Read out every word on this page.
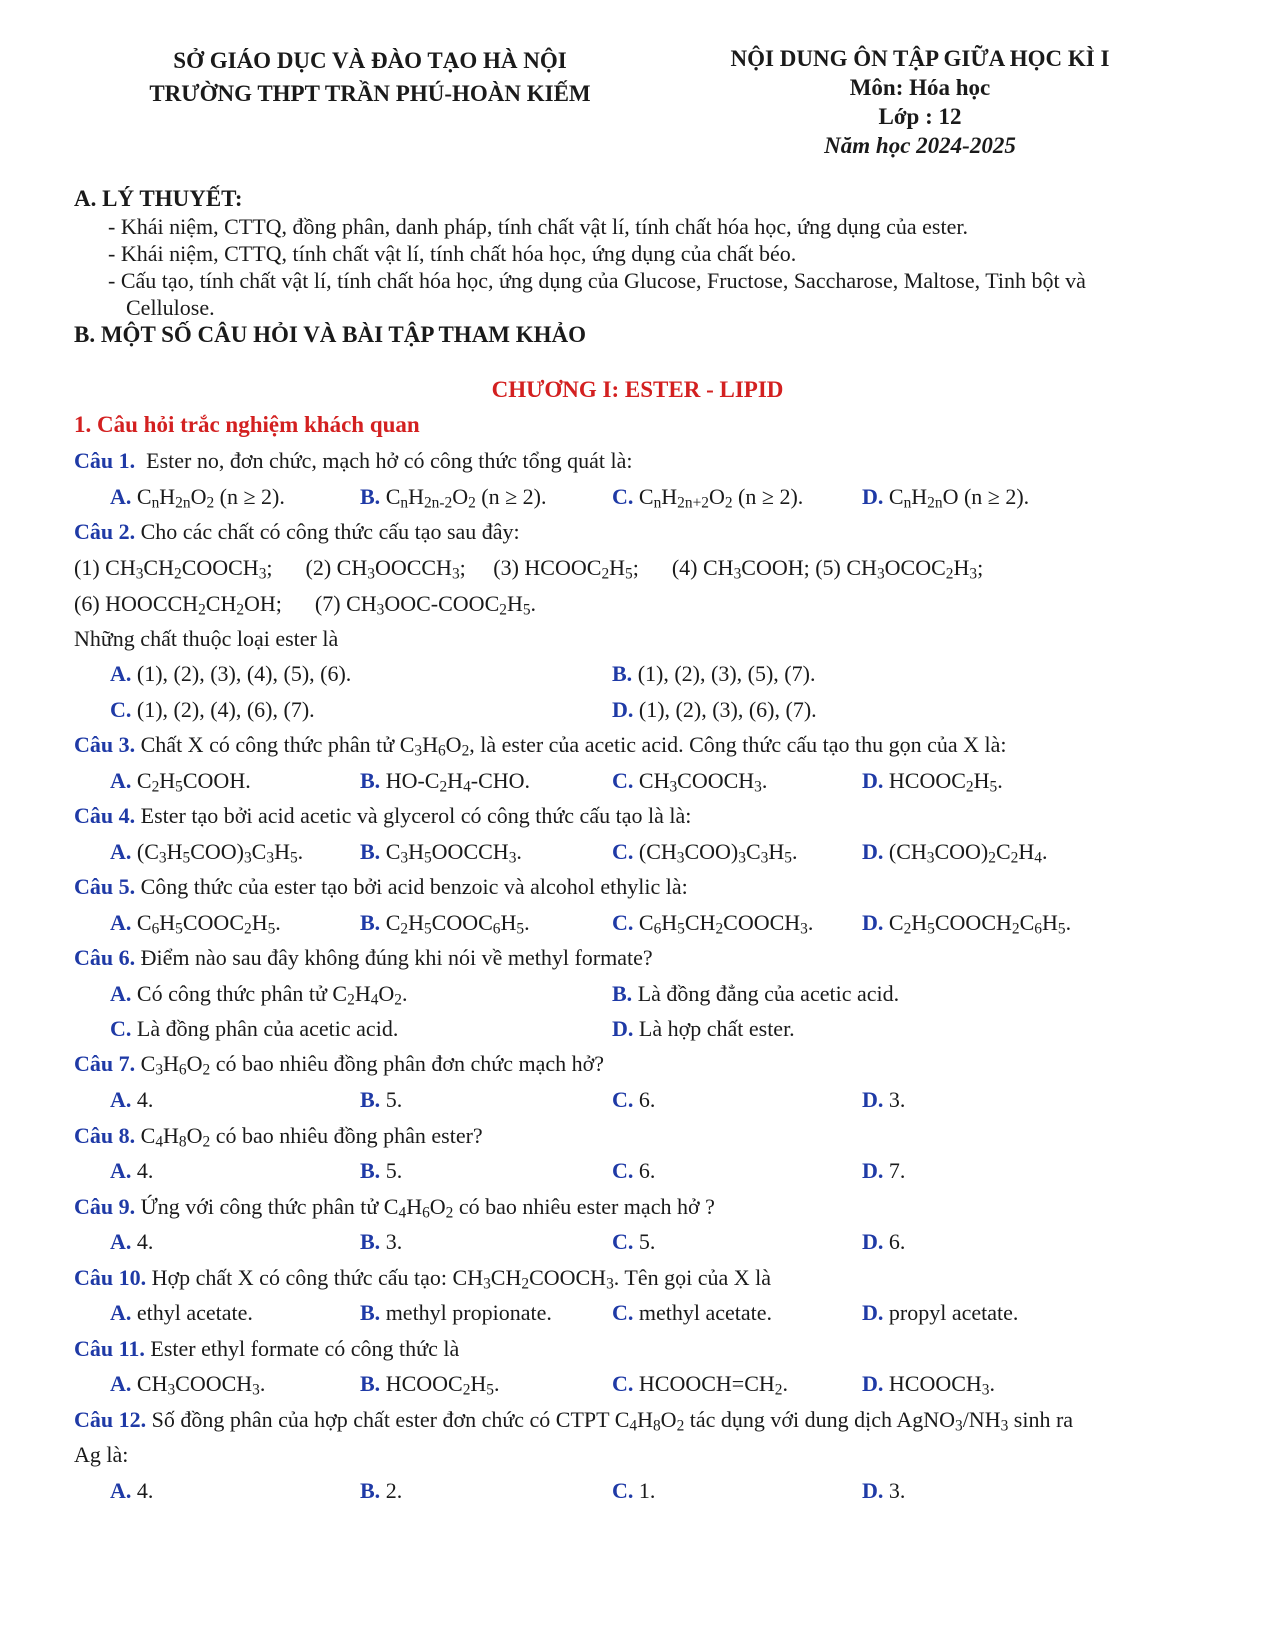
SỞ GIÁO DỤC VÀ ĐÀO TẠO HÀ NỘI
TRƯỜNG THPT TRẦN PHÚ-HOÀN KIẾM
NỘI DUNG ÔN TẬP GIỮA HỌC KÌ I
Môn: Hóa học
Lớp : 12
Năm học 2024-2025
A. LÝ THUYẾT:
- Khái niệm, CTTQ, đồng phân, danh pháp, tính chất vật lí, tính chất hóa học, ứng dụng của ester.
- Khái niệm, CTTQ, tính chất vật lí, tính chất hóa học, ứng dụng của chất béo.
- Cấu tạo, tính chất vật lí, tính chất hóa học, ứng dụng của Glucose, Fructose, Saccharose, Maltose, Tinh bột và
Cellulose.
B. MỘT SỐ CÂU HỎI VÀ BÀI TẬP THAM KHẢO
CHƯƠNG I: ESTER - LIPID
1. Câu hỏi trắc nghiệm khách quan
Câu 1. Ester no, đơn chức, mạch hở có công thức tổng quát là:
A. $C_nH_{2n}O_2$ (n ≥ 2).	B. $C_nH_{2n-2}O_2$ (n ≥ 2).	C. $C_nH_{2n+2}O_2$ (n ≥ 2).	D. $C_nH_{2n}O$ (n ≥ 2).
Câu 2. Cho các chất có công thức cấu tạo sau đây:
(1) $CH_3CH_2COOCH_3$;      (2) $CH_3OOCCH_3$;     (3) $HCOOC_2H_5$;      (4) $CH_3COOH$; (5) $CH_3OCOC_2H_3$;
(6) $HOOCCH_2CH_2OH$;      (7) $CH_3OOC-COOC_2H_5$.
Những chất thuộc loại ester là
A. (1), (2), (3), (4), (5), (6).	B. (1), (2), (3), (5), (7).
C. (1), (2), (4), (6), (7).	D. (1), (2), (3), (6), (7).
Câu 3. Chất X có công thức phân tử $C_3H_6O_2$, là ester của acetic acid. Công thức cấu tạo thu gọn của X là:
A. $C_2H_5COOH$.	B. $HO-C_2H_4$-CHO.	C. $CH_3COOCH_3$.	D. $HCOOC_2H_5$.
Câu 4. Ester tạo bởi acid acetic và glycerol có công thức cấu tạo là là:
A. $(C_3H_5COO)_3C_3H_5$.	B. $C_3H_5OOCCH_3$.	C. $(CH_3COO)_3C_3H_5$.	D. $(CH_3COO)_2C_2H_4$.
Câu 5. Công thức của ester tạo bởi acid benzoic và alcohol ethylic là:
A. $C_6H_5COOC_2H_5$.	B. $C_2H_5COOC_6H_5$.	C. $C_6H_5CH_2COOCH_3$. D. $C_2H_5COOCH_2C_6H_5$.
Câu 6. Điểm nào sau đây không đúng khi nói về methyl formate?
A. Có công thức phân tử $C_2H_4O_2$.	B. Là đồng đẳng của acetic acid.
C. Là đồng phân của acetic acid.	D. Là hợp chất ester.
Câu 7. $C_3H_6O_2$ có bao nhiêu đồng phân đơn chức mạch hở?
A. 4.	B. 5.	C. 6.	D. 3.
Câu 8. $C_4H_8O_2$ có bao nhiêu đồng phân ester?
A. 4.	B. 5.	C. 6.	D. 7.
Câu 9. Ứng với công thức phân tử $C_4H_6O_2$ có bao nhiêu ester mạch hở ?
A. 4.	B. 3.	C. 5.	D. 6.
Câu 10. Hợp chất X có công thức cấu tạo: $CH_3CH_2COOCH_3$. Tên gọi của X là
A. ethyl acetate.	B. methyl propionate.	C. methyl acetate.	D. propyl acetate.
Câu 11. Ester ethyl formate có công thức là
A. $CH_3COOCH_3$.	B. $HCOOC_2H_5$.	C. $HCOOCH=CH_2$.	D. $HCOOCH_3$.
Câu 12. Số đồng phân của hợp chất ester đơn chức có CTPT $C_4H_8O_2$ tác dụng với dung dịch $AgNO_3/NH_3$ sinh ra
Ag là:
A. 4.	B. 2.	C. 1.	D. 3.
